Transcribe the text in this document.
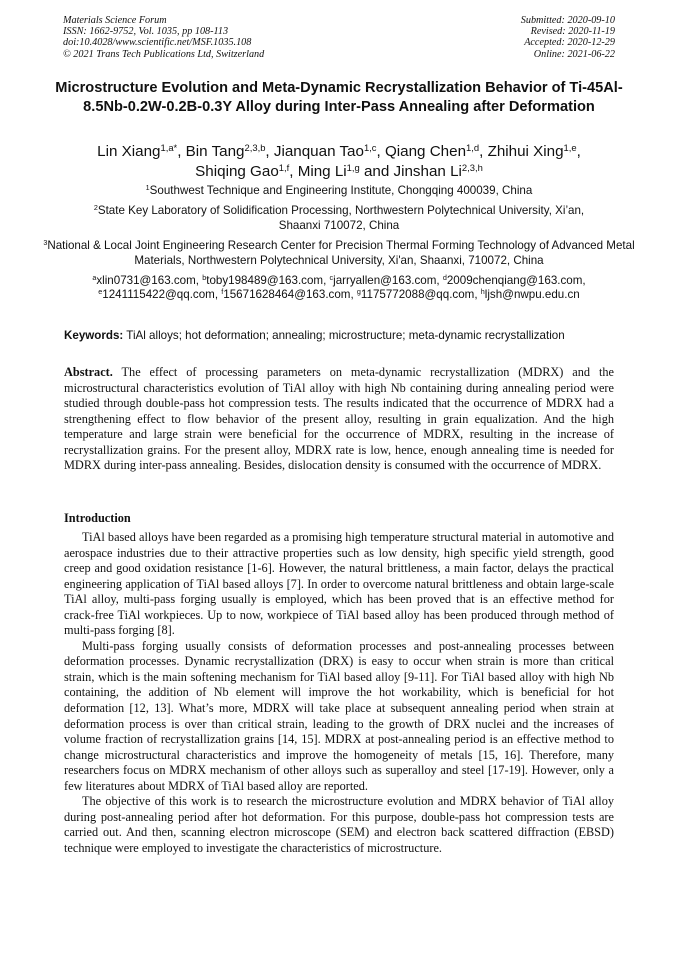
Materials Science Forum
ISSN: 1662-9752, Vol. 1035, pp 108-113
doi:10.4028/www.scientific.net/MSF.1035.108
© 2021 Trans Tech Publications Ltd, Switzerland
Submitted: 2020-09-10
Revised: 2020-11-19
Accepted: 2020-12-29
Online: 2021-06-22
Microstructure Evolution and Meta-Dynamic Recrystallization Behavior of Ti-45Al-8.5Nb-0.2W-0.2B-0.3Y Alloy during Inter-Pass Annealing after Deformation
Lin Xiang$^{1,a*}$, Bin Tang$^{2,3,b}$, Jianquan Tao$^{1,c}$, Qiang Chen$^{1,d}$, Zhihui Xing$^{1,e}$,
Shiqing Gao$^{1,f}$, Ming Li$^{1,g}$ and Jinshan Li$^{2,3,h}$
$^1$Southwest Technique and Engineering Institute, Chongqing 400039, China
$^2$State Key Laboratory of Solidification Processing, Northwestern Polytechnical University, Xi’an, Shaanxi 710072, China
$^3$National & Local Joint Engineering Research Center for Precision Thermal Forming Technology of Advanced Metal Materials, Northwestern Polytechnical University, Xi'an, Shaanxi, 710072, China
$^a$xlin0731@163.com, $^b$toby198489@163.com, $^c$jarryallen@163.com, $^d$2009chenqiang@163.com, $^e$1241115422@qq.com, $^f$15671628464@163.com, $^g$1175772088@qq.com, $^h$ljsh@nwpu.edu.cn
Keywords: TiAl alloys; hot deformation; annealing; microstructure; meta-dynamic recrystallization
Abstract. The effect of processing parameters on meta-dynamic recrystallization (MDRX) and the microstructural characteristics evolution of TiAl alloy with high Nb containing during annealing period were studied through double-pass hot compression tests. The results indicated that the occurrence of MDRX had a strengthening effect to flow behavior of the present alloy, resulting in grain equalization. And the high temperature and large strain were beneficial for the occurrence of MDRX, resulting in the increase of recrystallization grains. For the present alloy, MDRX rate is low, hence, enough annealing time is needed for MDRX during inter-pass annealing. Besides, dislocation density is consumed with the occurrence of MDRX.
Introduction

TiAl based alloys have been regarded as a promising high temperature structural material in automotive and aerospace industries due to their attractive properties such as low density, high specific yield strength, good creep and good oxidation resistance [1-6]. However, the natural brittleness, a main factor, delays the practical engineering application of TiAl based alloys [7]. In order to overcome natural brittleness and obtain large-scale TiAl alloy, multi-pass forging usually is employed, which has been proved that is an effective method for crack-free TiAl workpieces. Up to now, workpiece of TiAl based alloy has been produced through method of multi-pass forging [8].

Multi-pass forging usually consists of deformation processes and post-annealing processes between deformation processes. Dynamic recrystallization (DRX) is easy to occur when strain is more than critical strain, which is the main softening mechanism for TiAl based alloy [9-11]. For TiAl based alloy with high Nb containing, the addition of Nb element will improve the hot workability, which is beneficial for hot deformation [12, 13]. What’s more, MDRX will take place at subsequent annealing period when strain at deformation process is over than critical strain, leading to the growth of DRX nuclei and the increases of volume fraction of recrystallization grains [14, 15]. MDRX at post-annealing period is an effective method to change microstructural characteristics and improve the homogeneity of metals [15, 16]. Therefore, many researchers focus on MDRX mechanism of other alloys such as superalloy and steel [17-19]. However, only a few literatures about MDRX of TiAl based alloy are reported.

The objective of this work is to research the microstructure evolution and MDRX behavior of TiAl alloy during post-annealing period after hot deformation. For this purpose, double-pass hot compression tests are carried out. And then, scanning electron microscope (SEM) and electron back scattered diffraction (EBSD) technique were employed to investigate the characteristics of microstructure.
